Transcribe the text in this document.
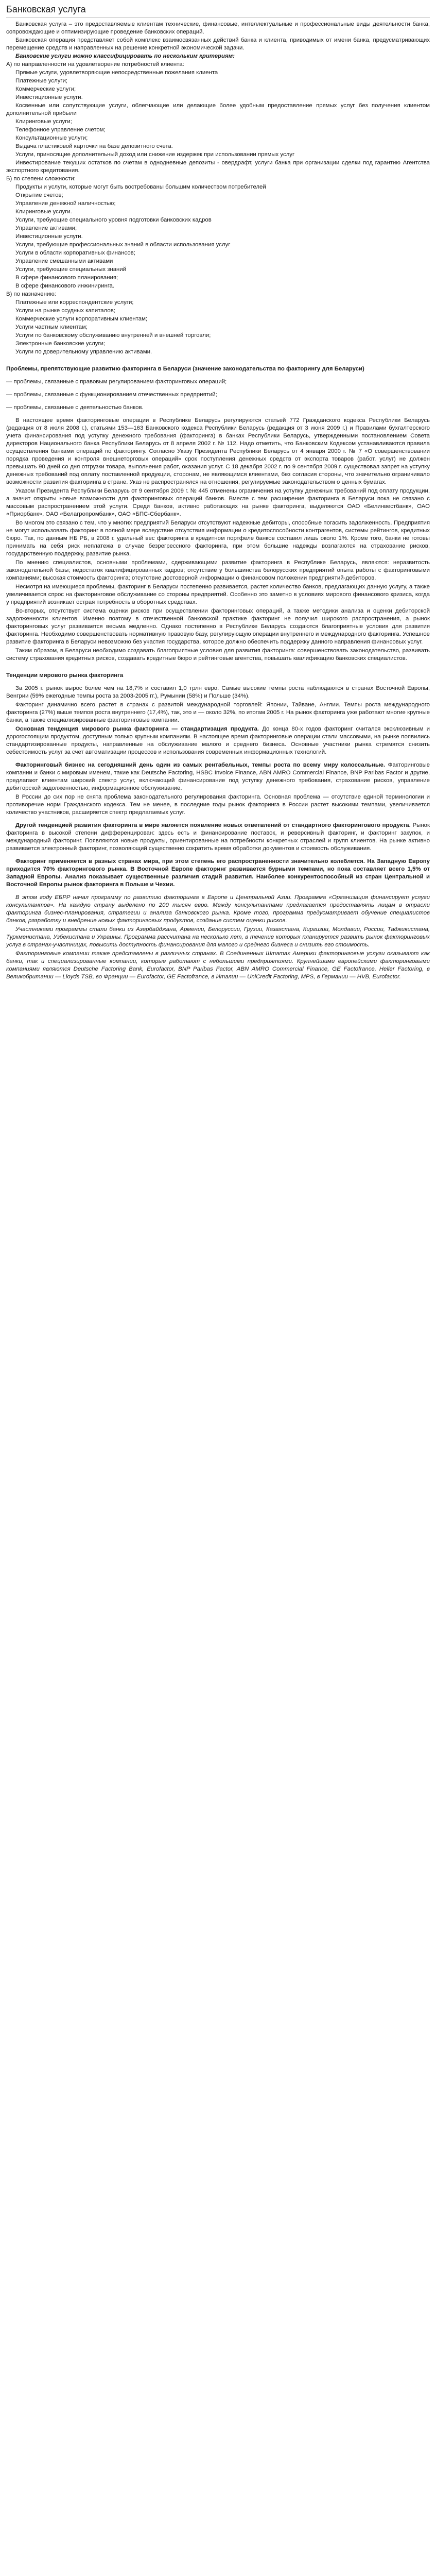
Банковская услуга
Банковская услуга – это предоставляемые клиентам технические, финансовые, интеллектуальные и профессиональные виды деятельности банка, сопровождающие и оптимизирующие проведение банковских операций.
Банковская операция представляет собой комплекс взаимосвязанных действий банка и клиента, приводимых от имени банка, предусматривающих перемещение средств и направленных на решение конкретной экономической задачи.
Банковские услуги можно классифицировать по нескольким критериям:
А) по направленности на удовлетворение потребностей клиента:
Прямые услуги, удовлетворяющие непосредственные пожелания клиента
Платежные услуги;
Коммерческие услуги;
Инвестиционные услуги.
Косвенные или сопутствующие услуги, облегчающие или делающие более удобным предоставление прямых услуг без получения клиентом дополнительной прибыли
Клиринговые услуги;
Телефонное управление счетом;
Консультационные услуги;
Выдача пластиковой карточки на базе депозитного счета.
Услуги, приносящие дополнительный доход или снижение издержек при использовании прямых услуг
Инвестирование текущих остатков по счетам в однодневные депозиты - овердрафт, услуги банка при организации сделки под гарантию Агентства экспортного кредитования.
Б) по степени сложности:
Продукты и услуги, которые могут быть востребованы большим количеством потребителей
Открытие счетов;
Управление денежной наличностью;
Клиринговые услуги.
Услуги, требующие специального уровня подготовки банковских кадров
Управление активами;
Инвестиционные услуги.
Услуги, требующие профессиональных знаний в области использования услуг
Услуги в области корпоративных финансов;
Управление смешанными активами
Услуги, требующие специальных знаний
В сфере финансового планирования;
В сфере финансового инжиниринга.
В) по назначению:
Платежные или корреспондентские услуги;
Услуги на рынке ссудных капиталов;
Коммерческие услуги корпоративным клиентам;
Услуги частным клиентам;
Услуги по банковскому обслуживанию внутренней и внешней торговли;
Электронные банковские услуги;
Услуги по доверительному управлению активами.
Проблемы, препятствующие развитию факторинга в Беларуси (значение законодательства по факторингу для Беларуси)
— проблемы, связанные с правовым регулированием факторинговых операций;
— проблемы, связанные с функционированием отечественных предприятий;
— проблемы, связанные с деятельностью банков.
В настоящее время факторинговые операции в Республике Беларусь регулируются статьей 772 Гражданского кодекса Республики Беларусь (редакция от 8 июля 2008 г.), статьями 153—163 Банковского кодекса Республики Беларусь (редакция от 3 июня 2009 г.) и Правилами бухгалтерского учета финансирования под уступку денежного требования (факторинга) в банках Республики Беларусь, утвержденными постановлением Совета директоров Национального банка Республики Беларусь от 8 апреля 2002 г. № 112. Надо отметить, что Банковским Кодексом устанавливаются правила осуществления банками операций по факторингу. Согласно Указу Президента Республики Беларусь от 4 января 2000 г. № 7 «О совершенствовании порядка проведения и контроля внешнеторговых операций» срок поступления денежных средств от экспорта товаров (работ, услуг) не должен превышать 90 дней со дня отгрузки товара, выполнения работ, оказания услуг. С 18 декабря 2002 г. по 9 сентября 2009 г. существовал запрет на уступку денежных требований под оплату поставленной продукции, сторонам, не являющимся клиентами, без согласия стороны, что значительно ограничивало возможности развития факторинга в стране. Указ не распространялся на отношения, регулируемые законодательством о ценных бумагах.
Указом Президента Республики Беларусь от 9 сентября 2009 г. № 445 отменены ограничения на уступку денежных требований под оплату продукции, а значит открыты новые возможности для факторинговых операций банков. Вместе с тем расширение факторинга в Беларуси пока не связано с массовым распространением этой услуги. Среди банков, активно работающих на рынке факторинга, выделяются ОАО «Белинвестбанк», ОАО «Приорбанк», ОАО «Белагропромбанк», ОАО «БПС-Сбербанк».
Во многом это связано с тем, что у многих предприятий Беларуси отсутствуют надежные дебиторы, способные погасить задолженность. Предприятия не могут использовать факторинг в полной мере вследствие отсутствия информации о кредитоспособности контрагентов, системы рейтингов, кредитных бюро. Так, по данным НБ РБ, в 2008 г. удельный вес факторинга в кредитном портфеле банков составил лишь около 1%. Кроме того, банки не готовы принимать на себя риск неплатежа в случае безрегрессного факторинга, при этом большие надежды возлагаются на страхование рисков, государственную поддержку, развитие рынка.
По мнению специалистов, основными проблемами, сдерживающими развитие факторинга в Республике Беларусь, являются: неразвитость законодательной базы; недостаток квалифицированных кадров; отсутствие у большинства белорусских предприятий опыта работы с факторинговыми компаниями; высокая стоимость факторинга; отсутствие достоверной информации о финансовом положении предприятий-дебиторов.
Несмотря на имеющиеся проблемы, факторинг в Беларуси постепенно развивается, растет количество банков, предлагающих данную услугу, а также увеличивается спрос на факторинговое обслуживание со стороны предприятий. Особенно это заметно в условиях мирового финансового кризиса, когда у предприятий возникает острая потребность в оборотных средствах.
Во-вторых, отсутствует система оценки рисков при осуществлении факторинговых операций, а также методики анализа и оценки дебиторской задолженности клиентов. Именно поэтому в отечественной банковской практике факторинг не получил широкого распространения, а рынок факторинговых услуг развивается весьма медленно. Однако постепенно в Республике Беларусь создаются благоприятные условия для развития факторинга. Необходимо совершенствовать нормативную правовую базу, регулирующую операции внутреннего и международного факторинга. Успешное развитие факторинга в Беларуси невозможно без участия государства, которое должно обеспечить поддержку данного направления финансовых услуг.
Таким образом, в Беларуси необходимо создавать благоприятные условия для развития факторинга: совершенствовать законодательство, развивать систему страхования кредитных рисков, создавать кредитные бюро и рейтинговые агентства, повышать квалификацию банковских специалистов.
Тенденции мирового рынка факторинга
За 2005 г. рынок вырос более чем на 18,7% и составил 1,0 трлн евро. Самые высокие темпы роста наблюдаются в странах Восточной Европы, Венгрии (59% ежегодные темпы роста за 2003-2005 гг.), Румынии (58%) и Польше (34%).
Факторинг динамично всего растет в странах с развитой международной торговлей: Японии, Тайване, Англии. Темпы роста международного факторинга (27%) выше темпов роста внутреннего (17,4%), так, это и — около 32%, по итогам 2005 г. На рынок факторинга уже работают многие крупные банки, а также специализированные факторинговые компании.
Основная тенденция мирового рынка факторинга — стандартизация продукта. До конца 80-х годов факторинг считался эксклюзивным и дорогостоящим продуктом, доступным только крупным компаниям. В настоящее время факторинговые операции стали массовыми, на рынке появились стандартизированные продукты, направленные на обслуживание малого и среднего бизнеса. Основные участники рынка стремятся снизить себестоимость услуг за счет автоматизации процессов и использования современных информационных технологий.
Факторинговый бизнес на сегодняшний день один из самых рентабельных, темпы роста по всему миру колоссальные. Факторинговые компании и банки с мировым именем, такие как Deutsche Factoring, HSBC Invoice Finance, ABN AMRO Commercial Finance, BNP Paribas Factor и другие, предлагают клиентам широкий спектр услуг, включающий финансирование под уступку денежного требования, страхование рисков, управление дебиторской задолженностью, информационное обслуживание.
В России до сих пор не снята проблема законодательного регулирования факторинга. Основная проблема — отсутствие единой терминологии и противоречие норм Гражданского кодекса. Тем не менее, в последние годы рынок факторинга в России растет высокими темпами, увеличивается количество участников, расширяется спектр предлагаемых услуг.
Другой тенденцией развития факторинга в мире является появление новых ответвлений от стандартного факторингового продукта. Рынок факторинга в высокой степени дифференцирован: здесь есть и финансирование поставок, и реверсивный факторинг, и факторинг закупок, и международный факторинг. Появляются новые продукты, ориентированные на потребности конкретных отраслей и групп клиентов. На рынке активно развивается электронный факторинг, позволяющий существенно сократить время обработки документов и стоимость обслуживания.
Факторинг применяется в разных странах мира, при этом степень его распространенности значительно колеблется. На Западную Европу приходится 70% факторингового рынка. В Восточной Европе факторинг развивается бурными темпами, но пока составляет всего 1,5% от Западной Европы. Анализ показывает существенные различия стадий развития. Наиболее конкурентоспособный из стран Центральной и Восточной Европы рынок факторинга в Польше и Чехии.
В этом году ЕБРР начал программу по развитию факторинга в Европе и Центральной Азии. Программа «Организация финансирует услуги консультантов». На каждую страну выделено по 200 тысяч евро. Между консультантами предлагается предоставлять лицам в отрасли факторинга бизнес-планирования, стратегии и анализа банковского рынка. Кроме того, программа предусматривает обучение специалистов банков, разработку и внедрение новых факторинговых продуктов, создание систем оценки рисков.
Участниками программы стали банки из Азербайджана, Армении, Белоруссии, Грузии, Казахстана, Киргизии, Молдавии, России, Таджикистана, Туркменистана, Узбекистана и Украины. Программа рассчитана на несколько лет, в течение которых планируется развить рынок факторинговых услуг в странах-участницах, повысить доступность финансирования для малого и среднего бизнеса и снизить его стоимость.
Факторинговые компании также представлены в различных странах. В Соединенных Штатах Америки факторинговые услуги оказывают как банки, так и специализированные компании, которые работают с небольшими предприятиями. Крупнейшими европейскими факторинговыми компаниями являются Deutsche Factoring Bank, Eurofactor, BNP Paribas Factor, ABN AMRO Commercial Finance, GE Factofrance, Heller Factoring, в Великобритании — Lloyds TSB, во Франции — Eurofactor, GE Factofrance, в Италии — UniCredit Factoring, MPS, в Германии — HVB, Eurofactor.
